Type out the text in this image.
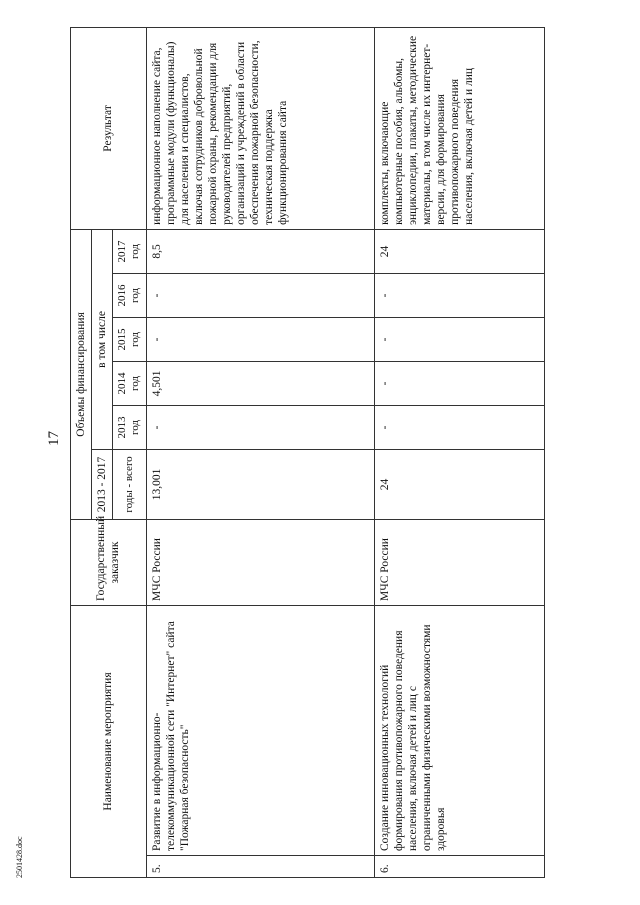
17
Наименование мероприятия		Государственный заказчик	Объемы финансирования						Результат
			2013 - 2017	в том числе					
			годы - всего	2013 год	2014 год	2015 год	2016 год	2017 год	
5.	Развитие в информационно-телекоммуникационной сети "Интернет" сайта "Пожарная безопасность"	МЧС России	13,001	-	4,501	-	-	8,5	информационное наполнение сайта, программные модули (функционалы) для населения и специалистов, включая сотрудников добровольной пожарной охраны, рекомендации для руководителей предприятий, организаций и учреждений в области обеспечения пожарной безопасности, техническая поддержка функционирования сайта
6.	Создание инновационных технологий формирования противопожарного поведения населения, включая детей и лиц с ограниченными физическими возможностями здоровья	МЧС России	24	-	-	-	-	24	комплекты, включающие компьютерные пособия, альбомы, энциклопедии, плакаты, методические материалы, в том числе их интернет-версии, для формирования противопожарного поведения населения, включая детей и лиц
2501428.doc
